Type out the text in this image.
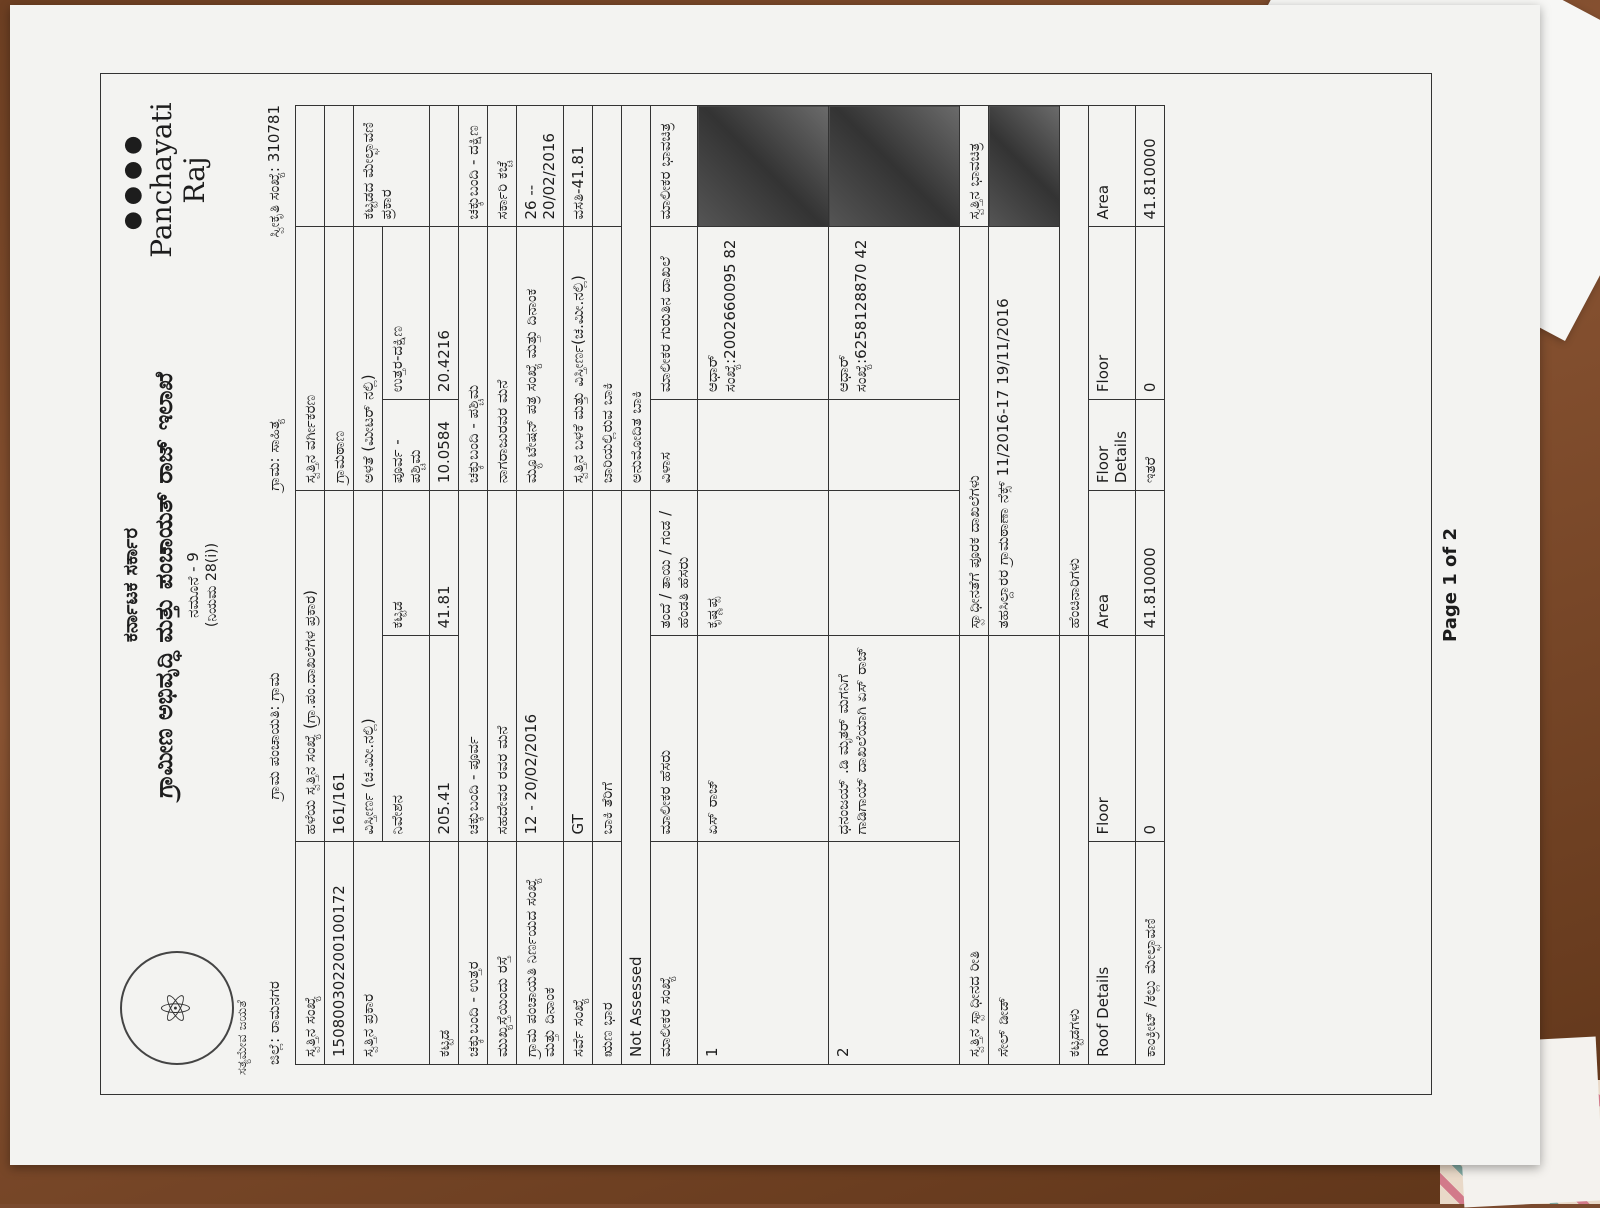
⚛	ಸತ್ಯಮೇವ ಜಯತೆ
ಕರ್ನಾಟಕ ಸರ್ಕಾರ ಗ್ರಾಮೀಣ ಅಭಿವೃದ್ಧಿ ಮತ್ತು ಪಂಚಾಯತ್ ರಾಜ್ ಇಲಾಖೆ ನಮೂನೆ - 9 (ನಿಯಮ 28(i))
●●●● Panchayati Raj
ಜಿಲ್ಲೆ: ರಾಮನಗರ
ಗ್ರಾಮ ಪಂಚಾಯತಿ: ಗ್ರಾಮ
ಗ್ರಾಮ: ಸಾಹಿತ್ಯ
ಸ್ವೀಕೃತಿ ಸಂಖ್ಯೆ: 310781
ಸ್ವತ್ತಿನ ಸಂಖ್ಯೆ	ಹಳೆಯ ಸ್ವತ್ತಿನ ಸಂಖ್ಯೆ (ಗ್ರಾ.ಪಂ.ದಾಖಲೆಗಳ ಪ್ರಕಾರ)		ಸ್ವತ್ತಿನ ವರ್ಗೀಕರಣ		
150800302200100172	161/161		ಗ್ರಾಮಠಾಣ		
ಸ್ವತ್ತಿನ ಪ್ರಕಾರ	ವಿಸ್ತೀರ್ಣ (ಚ.ಮೀ.ನಲ್ಲಿ)		ಅಳತೆ (ಮೀಟರ್ ನಲ್ಲಿ)		ಕಟ್ಟಡದ ಮೇಲ್ಛಾವಣಿ ಪ್ರಕಾರ
	ನಿವೇಶನ	ಕಟ್ಟಡ	ಪೂರ್ವ - ಪಶ್ಚಿಮ	ಉತ್ತರ-ದಕ್ಷಿಣ	
ಕಟ್ಟಡ	205.41	41.81	10.0584	20.4216	
ಚಕ್ಕುಬಂದಿ - ಉತ್ತರ	ಚಕ್ಕುಬಂದಿ - ಪೂರ್ವ		ಚಕ್ಕುಬಂದಿ - ಪಶ್ಚಿಮ		ಚಕ್ಕುಬಂದಿ - ದಕ್ಷಿಣ
ಮುಖ್ಯಸ್ತೆಯಿಂದು ರಸ್ತೆ	ಸಹದೇವರ ರವರ ಮನೆ		ನಾಗರಾಜುರವರ ಮನೆ		ಸರ್ಕಾರಿ ಕಚ್ಚೆ
ಗ್ರಾಮ ಪಂಚಾಯತಿ ನಿರ್ಣಯದ ಸಂಖ್ಯೆ ಮತ್ತು ದಿನಾಂಕ	12 - 20/02/2016		ಮ್ಯೂಟೇಷನ್ ಪತ್ರ ಸಂಖ್ಯೆ ಮತ್ತು ದಿನಾಂಕ		26 -- 20/02/2016
ಸರ್ವೆ ಸಂಖ್ಯೆ	GT		ಸ್ವತ್ತಿನ ಬಳಕೆ ಮತ್ತು ವಿಸ್ತೀರ್ಣ(ಚ.ಮೀ.ನಲ್ಲಿ)		ವಸತಿ-41.81
ಋಣ ಭಾರ	ಬಾಕಿ ತೆರಿಗೆ		ಜಾರಿಯಲ್ಲಿರುವ ಬಾಕಿ		
Not Assessed			ಅನುಮೋದಿತ ಬಾಕಿ		
ಮಾಲೀಕರ ಸಂಖ್ಯೆ	ಮಾಲೀಕರ ಹೆಸರು	ತಂದೆ / ತಾಯಿ / ಗಂಡ / ಹೆಂಡತಿ ಹೆಸರು	ವಿಳಾಸ	ಮಾಲೀಕರ ಗುರುತಿನ ದಾಖಲೆ	ಮಾಲೀಕರ ಭಾವಚಿತ್ರ
1	ಏಸ್ ರಾಜ್	ಕೃಷ್ಣಪ್ಪ		ಆಧಾರ್ ಸಂಖ್ಯೆ:2002660095 82	
2	ಧನಂಜಯ್ .ಡಿ ಮೃತರ್ ಮಗನಿಗೆ ಗಾಡಿಗಾಯ್ ದಾಖಲೆಯಾಗಿ ಏಸ್ ರಾಜ್			ಆಧಾರ್ ಸಂಖ್ಯೆ:6258128870 42	
ಸ್ವತ್ತಿನ ಸ್ವಾಧೀನದ ರೀತಿ		ಸ್ವಾಧೀನತೆಗೆ ಪೂರಕ ದಾಖಲೆಗಳು			ಸ್ವತ್ತಿನ ಭಾವಚಿತ್ರ
ಸೇಲ್ ಡೀಡ್		ತಹಸಿಲ್ದಾರರ ಗ್ರಾಮಠಾಣಾ ನೆಕ್ಸ್ 11/2016-17 19/11/2016			
ಕಟ್ಟಡಗಳು		ಹೆಂಚಿನಾರಿಗಳು			
Roof Details	Floor	Area	Floor Details	Floor	Area
ಕಾಂಕ್ರೀಟ್ /ಕಲ್ಲು ಮೇಲ್ಛಾವಣಿ	0	41.810000	ಇತರೆ	0	41.810000
Page 1 of 2
